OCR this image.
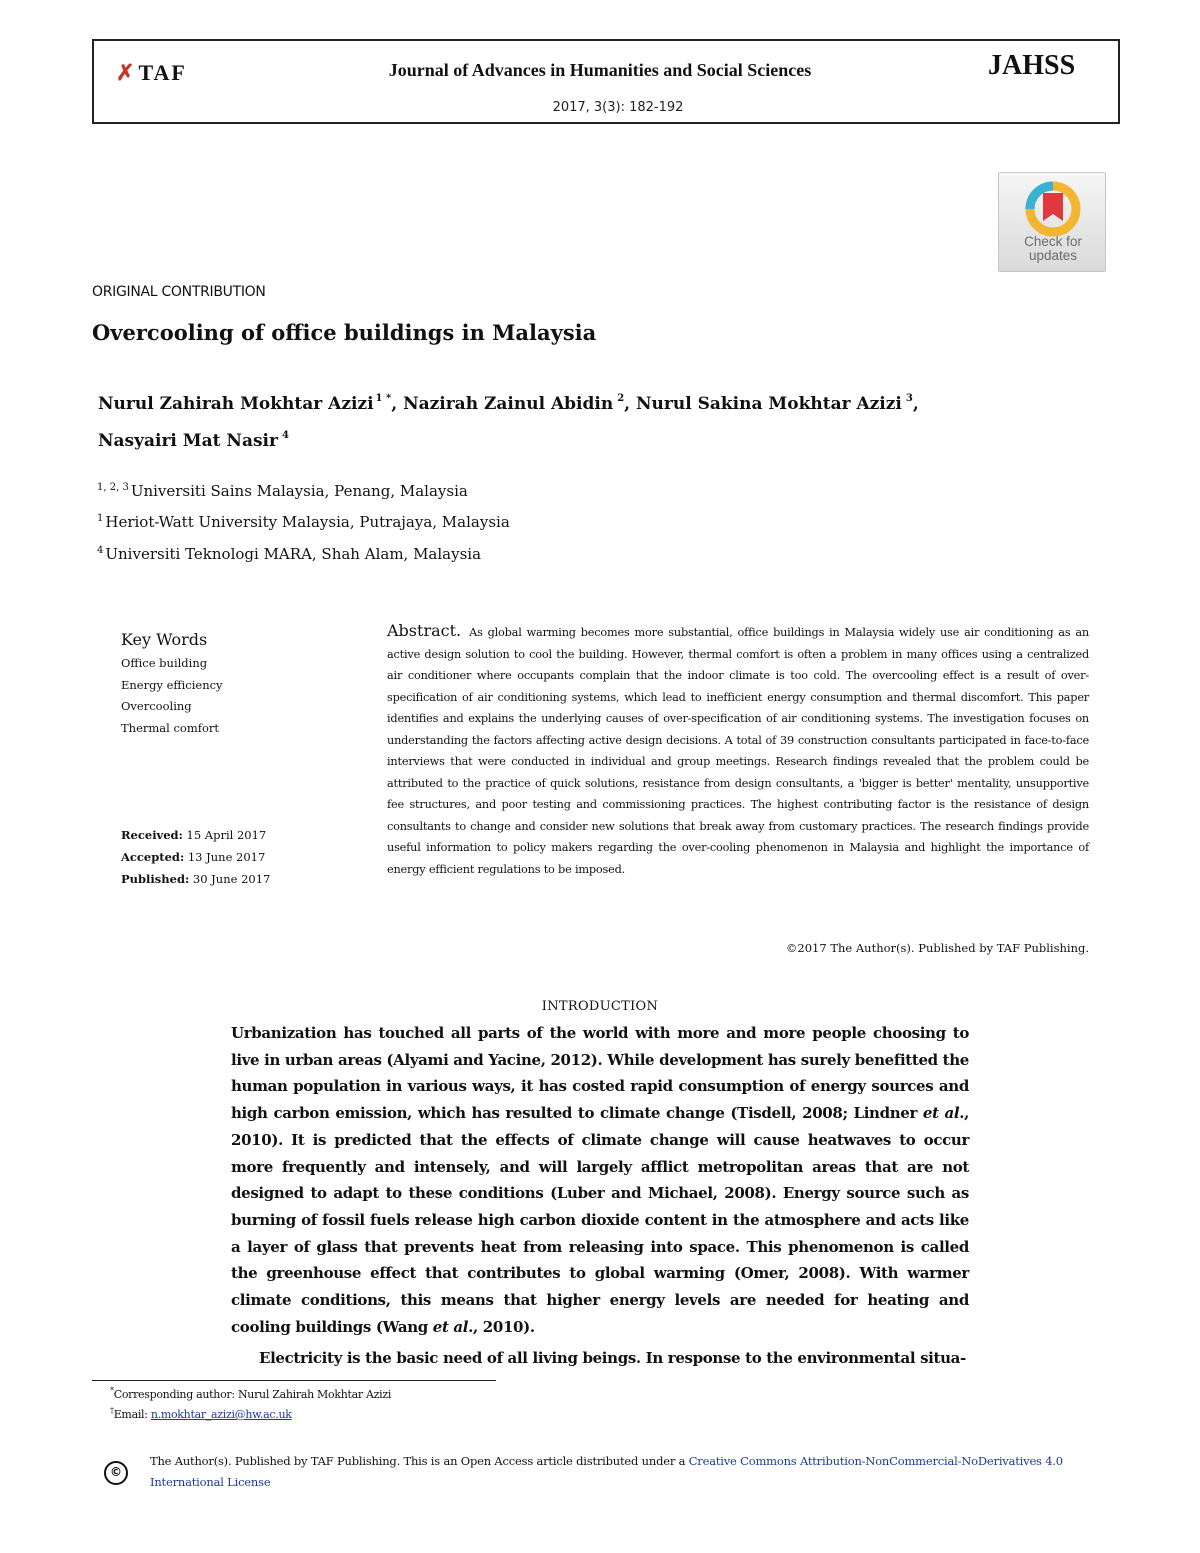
✗ TAF	Journal of Advances in Humanities and Social Sciences
2017, 3(3): 182-192
JAHSS
Check for
updates
ORIGINAL CONTRIBUTION
Overcooling of office buildings in Malaysia
Nurul Zahirah Mokhtar Azizi $^{1 *}$, Nazirah Zainul Abidin $^2$, Nurul Sakina Mokhtar Azizi $^3$,
Nasyairi Mat Nasir $^4$
$^{1, 2, 3}$ Universiti Sains Malaysia, Penang, Malaysia
$^1$ Heriot-Watt University Malaysia, Putrajaya, Malaysia
$^4$ Universiti Teknologi MARA, Shah Alam, Malaysia
Key Words
Office building
Energy efficiency
Overcooling
Thermal comfort
Received: 15 April 2017
Accepted: 13 June 2017
Published: 30 June 2017
Abstract. As global warming becomes more substantial, office buildings in Malaysia widely use air conditioning as an active design solution to cool the building. However, thermal comfort is often a problem in many offices using a centralized air conditioner where occupants complain that the indoor climate is too cold. The overcooling effect is a result of over-specification of air conditioning systems, which lead to inefficient energy consumption and thermal discomfort. This paper identifies and explains the underlying causes of over-specification of air conditioning systems. The investigation focuses on understanding the factors affecting active design decisions. A total of 39 construction consultants participated in face-to-face interviews that were conducted in individual and group meetings. Research findings revealed that the problem could be attributed to the practice of quick solutions, resistance from design consultants, a 'bigger is better' mentality, unsupportive fee structures, and poor testing and commissioning practices. The highest contributing factor is the resistance of design consultants to change and consider new solutions that break away from customary practices. The research findings provide useful information to policy makers regarding the over-cooling phenomenon in Malaysia and highlight the importance of energy efficient regulations to be imposed.
©2017 The Author(s). Published by TAF Publishing.
INTRODUCTION
Urbanization has touched all parts of the world with more and more people choosing to live in urban areas (Alyami and Yacine, 2012). While development has surely benefitted the human population in various ways, it has costed rapid consumption of energy sources and high carbon emission, which has resulted to climate change (Tisdell, 2008; Lindner et al., 2010). It is predicted that the effects of climate change will cause heatwaves to occur more frequently and intensely, and will largely afflict metropolitan areas that are not designed to adapt to these conditions (Luber and Michael, 2008). Energy source such as burning of fossil fuels release high carbon dioxide content in the atmosphere and acts like a layer of glass that prevents heat from releasing into space. This phenomenon is called the greenhouse effect that contributes to global warming (Omer, 2008). With warmer climate conditions, this means that higher energy levels are needed for heating and cooling buildings (Wang et al., 2010).
Electricity is the basic need of all living beings. In response to the environmental situa-
*Corresponding author: Nurul Zahirah Mokhtar Azizi
†Email: n.mokhtar_azizi@hw.ac.uk
©
The Author(s). Published by TAF Publishing. This is an Open Access article distributed under a Creative Commons Attribution-NonCommercial-NoDerivatives 4.0 International License
